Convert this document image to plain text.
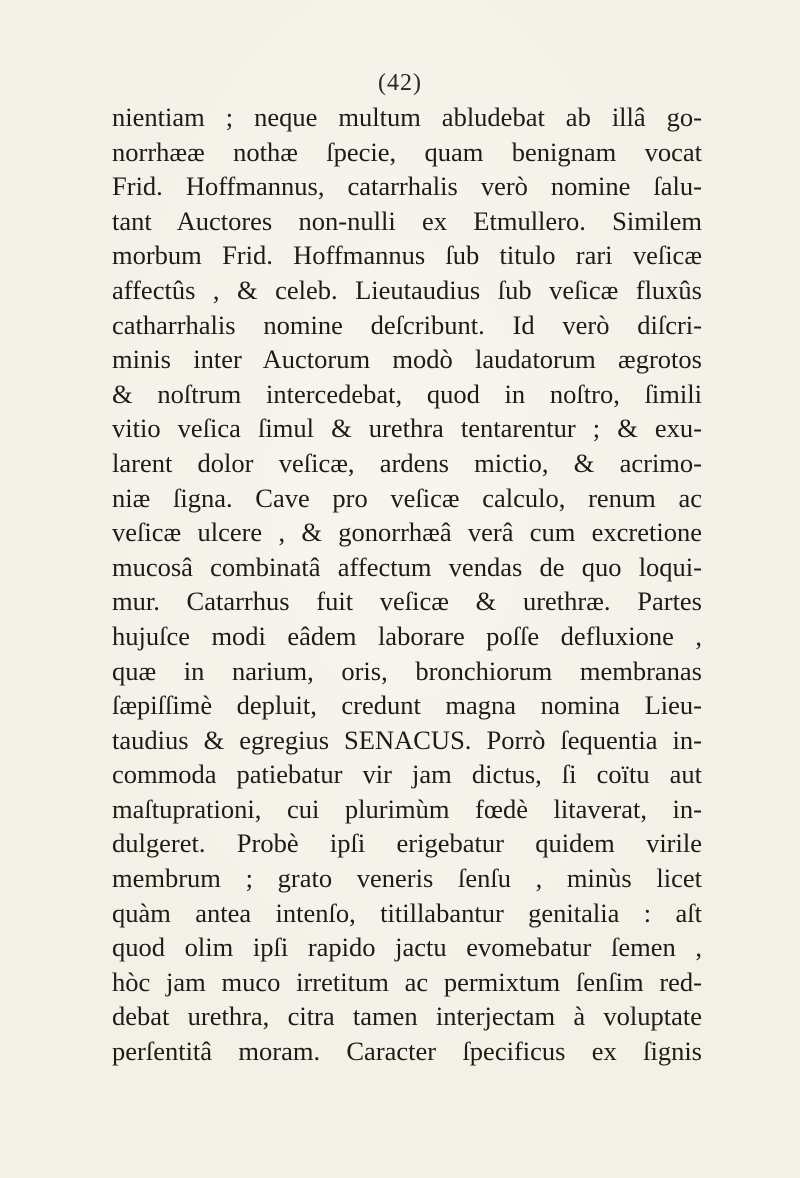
(42)
nientiam ; neque multum abludebat ab illâ go-
norrhææ nothæ ſpecie, quam benignam vocat
Frid. Hoffmannus, catarrhalis verò nomine ſalu-
tant Auctores non-nulli ex Etmullero. Similem
morbum Frid. Hoffmannus ſub titulo rari veſicæ
affectûs , & celeb. Lieutaudius ſub veſicæ fluxûs
catharrhalis nomine deſcribunt. Id verò diſcri-
minis inter Auctorum modò laudatorum ægrotos
& noſtrum intercedebat, quod in noſtro, ſimili
vitio veſica ſimul & urethra tentarentur ; & exu-
larent dolor veſicæ, ardens mictio, & acrimo-
niæ ſigna. Cave pro veſicæ calculo, renum ac
veſicæ ulcere , & gonorrhæâ verâ cum excretione
mucosâ combinatâ affectum vendas de quo loqui-
mur. Catarrhus fuit veſicæ & urethræ. Partes
hujuſce modi eâdem laborare poſſe defluxione ,
quæ in narium, oris, bronchiorum membranas
ſæpiſſimè depluit, credunt magna nomina Lieu-
taudius & egregius SENACUS. Porrò ſequentia in-
commoda patiebatur vir jam dictus, ſi coïtu aut
maſtuprationi, cui plurimùm fœdè litaverat, in-
dulgeret. Probè ipſi erigebatur quidem virile
membrum ; grato veneris ſenſu , minùs licet
quàm antea intenſo, titillabantur genitalia : aſt
quod olim ipſi rapido jactu evomebatur ſemen ,
hòc jam muco irretitum ac permixtum ſenſim red-
debat urethra, citra tamen interjectam à voluptate
perſentitâ moram. Caracter ſpecificus ex ſignis
